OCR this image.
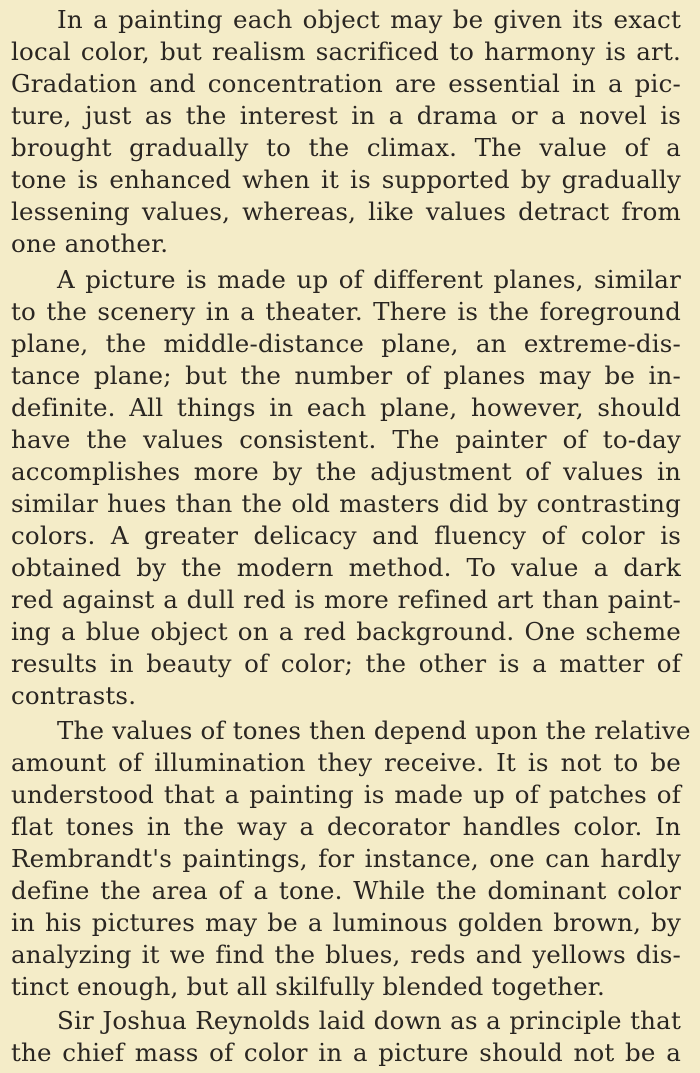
In a painting each object may be given its exact
local color, but realism sacrificed to harmony is art.
Gradation and concentration are essential in a pic-
ture, just as the interest in a drama or a novel is
brought gradually to the climax. The value of a
tone is enhanced when it is supported by gradually
lessening values, whereas, like values detract from
one another.
A picture is made up of different planes, similar
to the scenery in a theater. There is the foreground
plane, the middle-distance plane, an extreme-dis-
tance plane; but the number of planes may be in-
definite. All things in each plane, however, should
have the values consistent. The painter of to-day
accomplishes more by the adjustment of values in
similar hues than the old masters did by contrasting
colors. A greater delicacy and fluency of color is
obtained by the modern method. To value a dark
red against a dull red is more refined art than paint-
ing a blue object on a red background. One scheme
results in beauty of color; the other is a matter of
contrasts.
The values of tones then depend upon the relative
amount of illumination they receive. It is not to be
understood that a painting is made up of patches of
flat tones in the way a decorator handles color. In
Rembrandt's paintings, for instance, one can hardly
define the area of a tone. While the dominant color
in his pictures may be a luminous golden brown, by
analyzing it we find the blues, reds and yellows dis-
tinct enough, but all skilfully blended together.
Sir Joshua Reynolds laid down as a principle that
the chief mass of color in a picture should not be a
